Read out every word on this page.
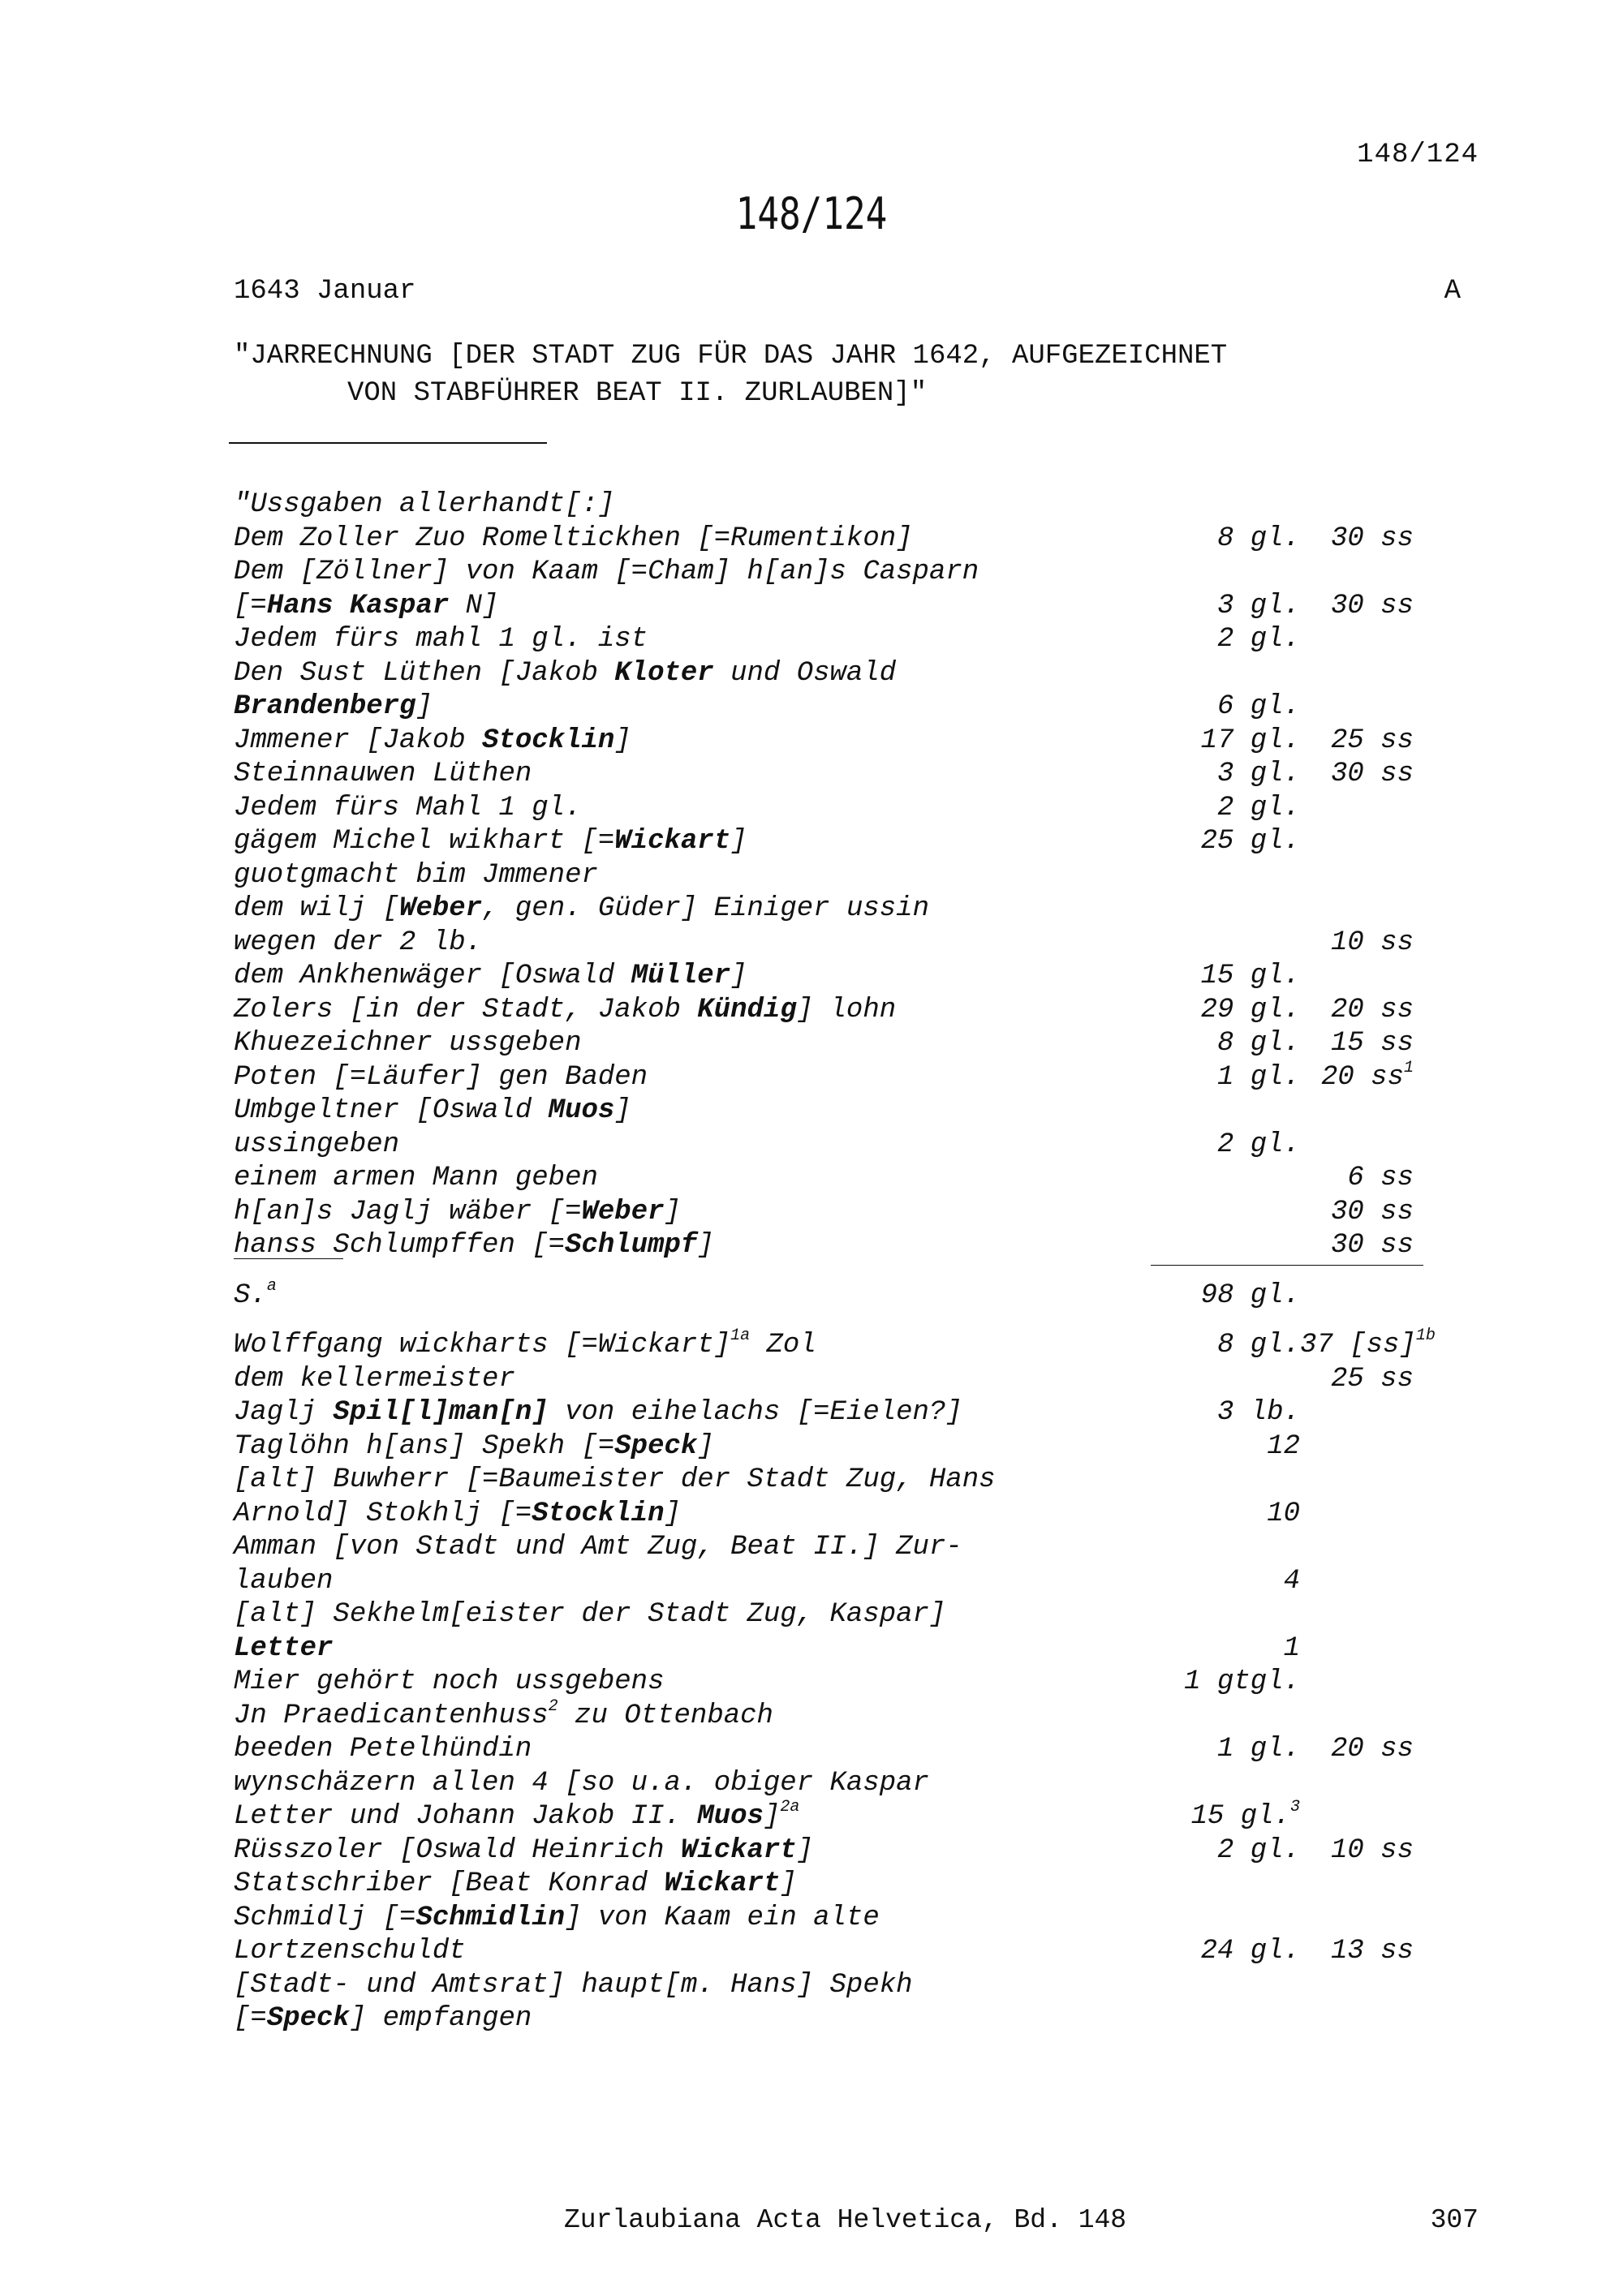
148/124
148/124
1643 Januar	A
"JARRECHNUNG [DER STADT ZUG FÜR DAS JAHR 1642, AUFGEZEICHNET
VON STABFÜHRER BEAT II. ZURLAUBEN]"
"Ussgaben allerhandt[:]
Dem Zoller Zuo Romeltickhen [=Rumentikon]	8 gl.	30 ss
Dem [Zöllner] von Kaam [=Cham] h[an]s Casparn
[=Hans Kaspar N]	3 gl.	30 ss
Jedem fürs mahl 1 gl. ist	2 gl.
Den Sust Lüthen [Jakob Kloter und Oswald
Brandenberg]	6 gl.
Jmmener [Jakob Stocklin]	17 gl.	25 ss
Steinnauwen Lüthen	3 gl.	30 ss
Jedem fürs Mahl 1 gl.	2 gl.
gägem Michel wikhart [=Wickart]	25 gl.
guotgmacht bim Jmmener
dem wilj [Weber, gen. Güder] Einiger ussin
wegen der 2 lb.	10 ss
dem Ankhenwäger [Oswald Müller]	15 gl.
Zolers [in der Stadt, Jakob Kündig] lohn	29 gl.	20 ss
Khuezeichner ussgeben	8 gl.	15 ss
Poten [=Läufer] gen Baden	1 gl. 20 $ss^1$
Umbgeltner [Oswald Muos]
ussingeben	2 gl.
einem armen Mann geben	6 ss
h[an]s Jaglj wäber [=Weber]	30 ss
hanss Schlumpffen [=Schlumpf]	30 ss
S.$^a$	98 gl.
Wolffgang wickharts [=Wickart]$^{1a}$ Zol	8 gl. 37 [ss]$^{1b}$
dem kellermeister	25 ss
Jaglj Spil[l]man[n] von eihelachs [=Eielen?]	3 lb.
Taglöhn h[ans] Spekh [=Speck]	12
[alt] Buwherr [=Baumeister der Stadt Zug, Hans
Arnold] Stokhlj [=Stocklin]	10
Amman [von Stadt und Amt Zug, Beat II.] Zur-
lauben	4
[alt] Sekhelm[eister der Stadt Zug, Kaspar]
Letter	1
Mier gehört noch ussgebens	1 gtgl.
Jn Praedicantenhuss$^2$ zu Ottenbach
beeden Petelhündin	1 gl.	20 ss
wynschäzern allen 4 [so u.a. obiger Kaspar
Letter und Johann Jakob II. Muos]$^{2a}$	15 gl.$^3$
Rüsszoler [Oswald Heinrich Wickart]	2 gl.	10 ss
Statschriber [Beat Konrad Wickart]
Schmidlj [=Schmidlin] von Kaam ein alte
Lortzenschuldt	24 gl.	13 ss
[Stadt- und Amtsrat] haupt[m. Hans] Spekh
[=Speck] empfangen
Zurlaubiana Acta Helvetica, Bd. 148	307
